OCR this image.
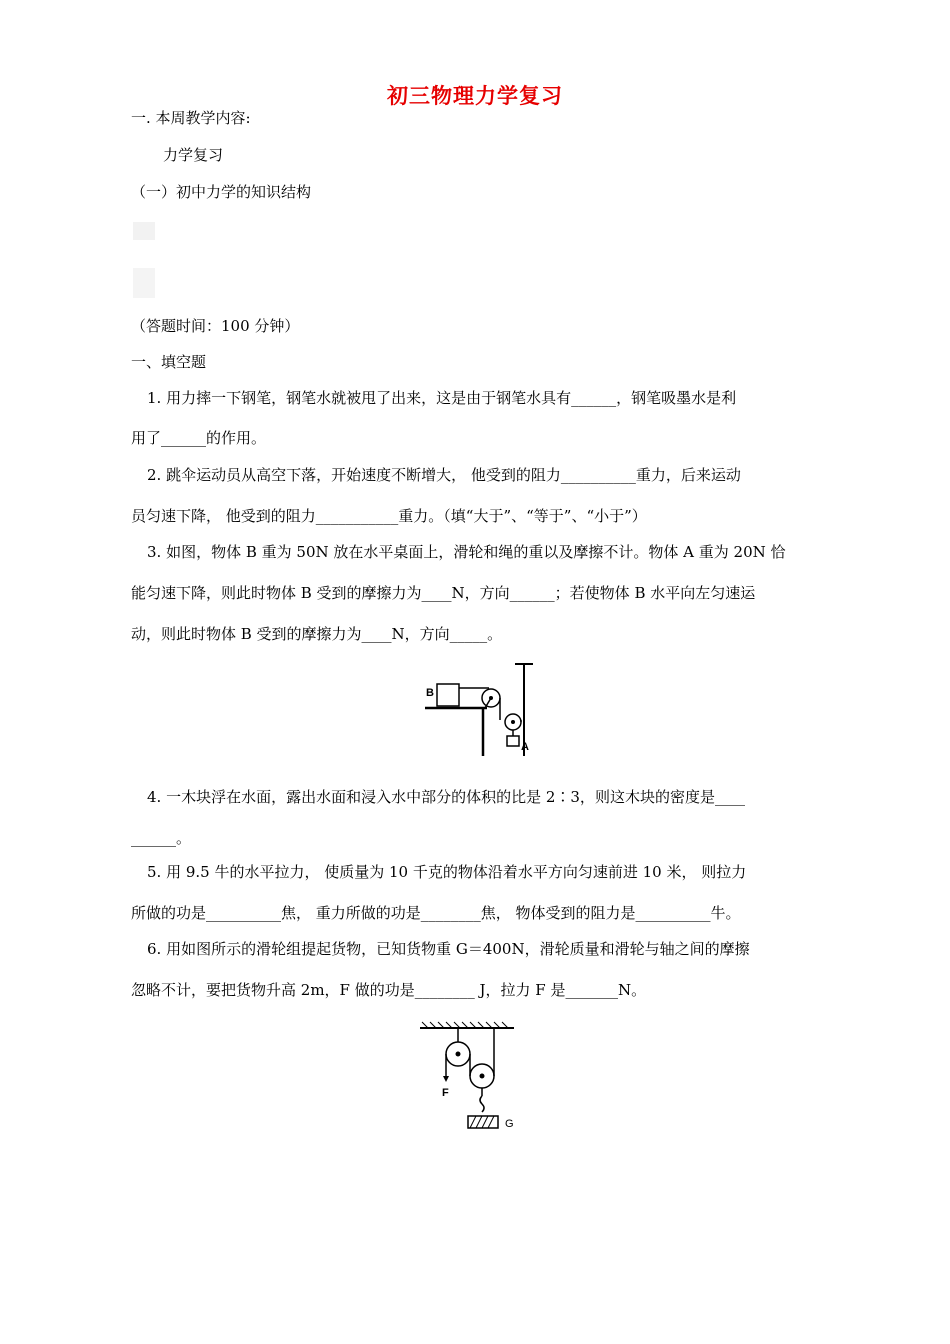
初三物理力学复习
一. 本周教学内容:
力学复习
（一）初中力学的知识结构
（答题时间：100 分钟）
一、填空题
1. 用力摔一下钢笔，钢笔水就被甩了出来，这是由于钢笔水具有______，钢笔吸墨水是利
用了______的作用。
2. 跳伞运动员从高空下落，开始速度不断增大， 他受到的阻力__________重力，后来运动
员匀速下降， 他受到的阻力___________重力。（填“大于”、“等于”、“小于”）
3. 如图，物体 B 重为 50N 放在水平桌面上，滑轮和绳的重以及摩擦不计。物体 A 重为 20N 恰
能匀速下降，则此时物体 B 受到的摩擦力为____N，方向______；若使物体 B 水平向左匀速运
动，则此时物体 B 受到的摩擦力为____N，方向_____。
B
A
4. 一木块浮在水面，露出水面和浸入水中部分的体积的比是 2∶3，则这木块的密度是____
______。
5. 用 9.5 牛的水平拉力， 使质量为 10 千克的物体沿着水平方向匀速前进 10 米， 则拉力
所做的功是__________焦， 重力所做的功是________焦， 物体受到的阻力是__________牛。
6. 用如图所示的滑轮组提起货物，已知货物重 G＝400N，滑轮质量和滑轮与轴之间的摩擦
忽略不计，要把货物升高 2m，F 做的功是________ J，拉力 F 是_______N。
F
G
